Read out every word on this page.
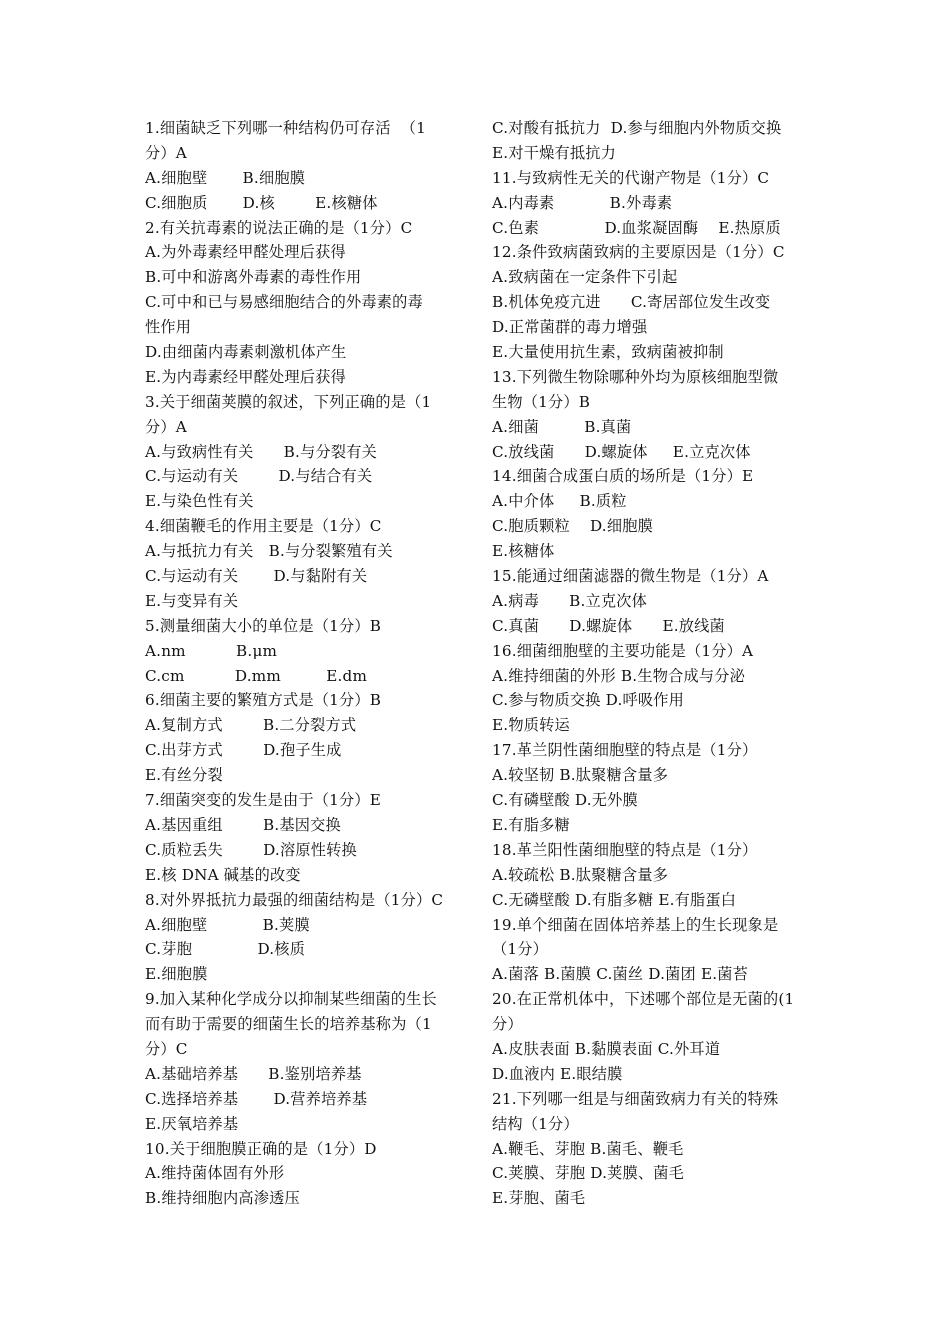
1.细菌缺乏下列哪一种结构仍可存活  （1
分）A
A.细胞壁       B.细胞膜
C.细胞质       D.核        E.核糖体
2.有关抗毒素的说法正确的是（1分）C
A.为外毒素经甲醛处理后获得
B.可中和游离外毒素的毒性作用
C.可中和已与易感细胞结合的外毒素的毒
性作用
D.由细菌内毒素刺激机体产生
E.为内毒素经甲醛处理后获得
3.关于细菌荚膜的叙述，下列正确的是（1
分）A
A.与致病性有关      B.与分裂有关
C.与运动有关        D.与结合有关
E.与染色性有关
4.细菌鞭毛的作用主要是（1分）C
A.与抵抗力有关   B.与分裂繁殖有关
C.与运动有关       D.与黏附有关
E.与变异有关
5.测量细菌大小的单位是（1分）B
A.nm          B.μm
C.cm          D.mm         E.dm
6.细菌主要的繁殖方式是（1分）B
A.复制方式        B.二分裂方式
C.出芽方式        D.孢子生成
E.有丝分裂
7.细菌突变的发生是由于（1分）E
A.基因重组        B.基因交换
C.质粒丢失        D.溶原性转换
E.核 DNA 碱基的改变
8.对外界抵抗力最强的细菌结构是（1分）C
A.细胞壁           B.荚膜
C.芽胞             D.核质
E.细胞膜
9.加入某种化学成分以抑制某些细菌的生长
而有助于需要的细菌生长的培养基称为（1
分）C
A.基础培养基      B.鉴别培养基
C.选择培养基       D.营养培养基
E.厌氧培养基
10.关于细胞膜正确的是（1分）D
A.维持菌体固有外形
B.维持细胞内高渗透压
C.对酸有抵抗力  D.参与细胞内外物质交换
E.对干燥有抵抗力
11.与致病性无关的代谢产物是（1分）C
A.内毒素           B.外毒素
C.色素             D.血浆凝固酶    E.热原质
12.条件致病菌致病的主要原因是（1分）C
A.致病菌在一定条件下引起
B.机体免疫亢进      C.寄居部位发生改变
D.正常菌群的毒力增强
E.大量使用抗生素，致病菌被抑制
13.下列微生物除哪种外均为原核细胞型微
生物（1分）B
A.细菌         B.真菌
C.放线菌      D.螺旋体     E.立克次体
14.细菌合成蛋白质的场所是（1分）E
A.中介体     B.质粒
C.胞质颗粒    D.细胞膜
E.核糖体
15.能通过细菌滤器的微生物是（1分）A
A.病毒      B.立克次体
C.真菌      D.螺旋体      E.放线菌
16.细菌细胞壁的主要功能是（1分）A
A.维持细菌的外形 B.生物合成与分泌
C.参与物质交换 D.呼吸作用
E.物质转运
17.革兰阴性菌细胞壁的特点是（1分）
A.较坚韧 B.肽聚糖含量多
C.有磷壁酸 D.无外膜
E.有脂多糖
18.革兰阳性菌细胞壁的特点是（1分）
A.较疏松 B.肽聚糖含量多
C.无磷壁酸 D.有脂多糖 E.有脂蛋白
19.单个细菌在固体培养基上的生长现象是
（1分）
A.菌落 B.菌膜 C.菌丝 D.菌团 E.菌苔
20.在正常机体中，下述哪个部位是无菌的(1
分）
A.皮肤表面 B.黏膜表面 C.外耳道
D.血液内 E.眼结膜
21.下列哪一组是与细菌致病力有关的特殊
结构（1分）
A.鞭毛、芽胞 B.菌毛、鞭毛
C.荚膜、芽胞 D.荚膜、菌毛
E.芽胞、菌毛
